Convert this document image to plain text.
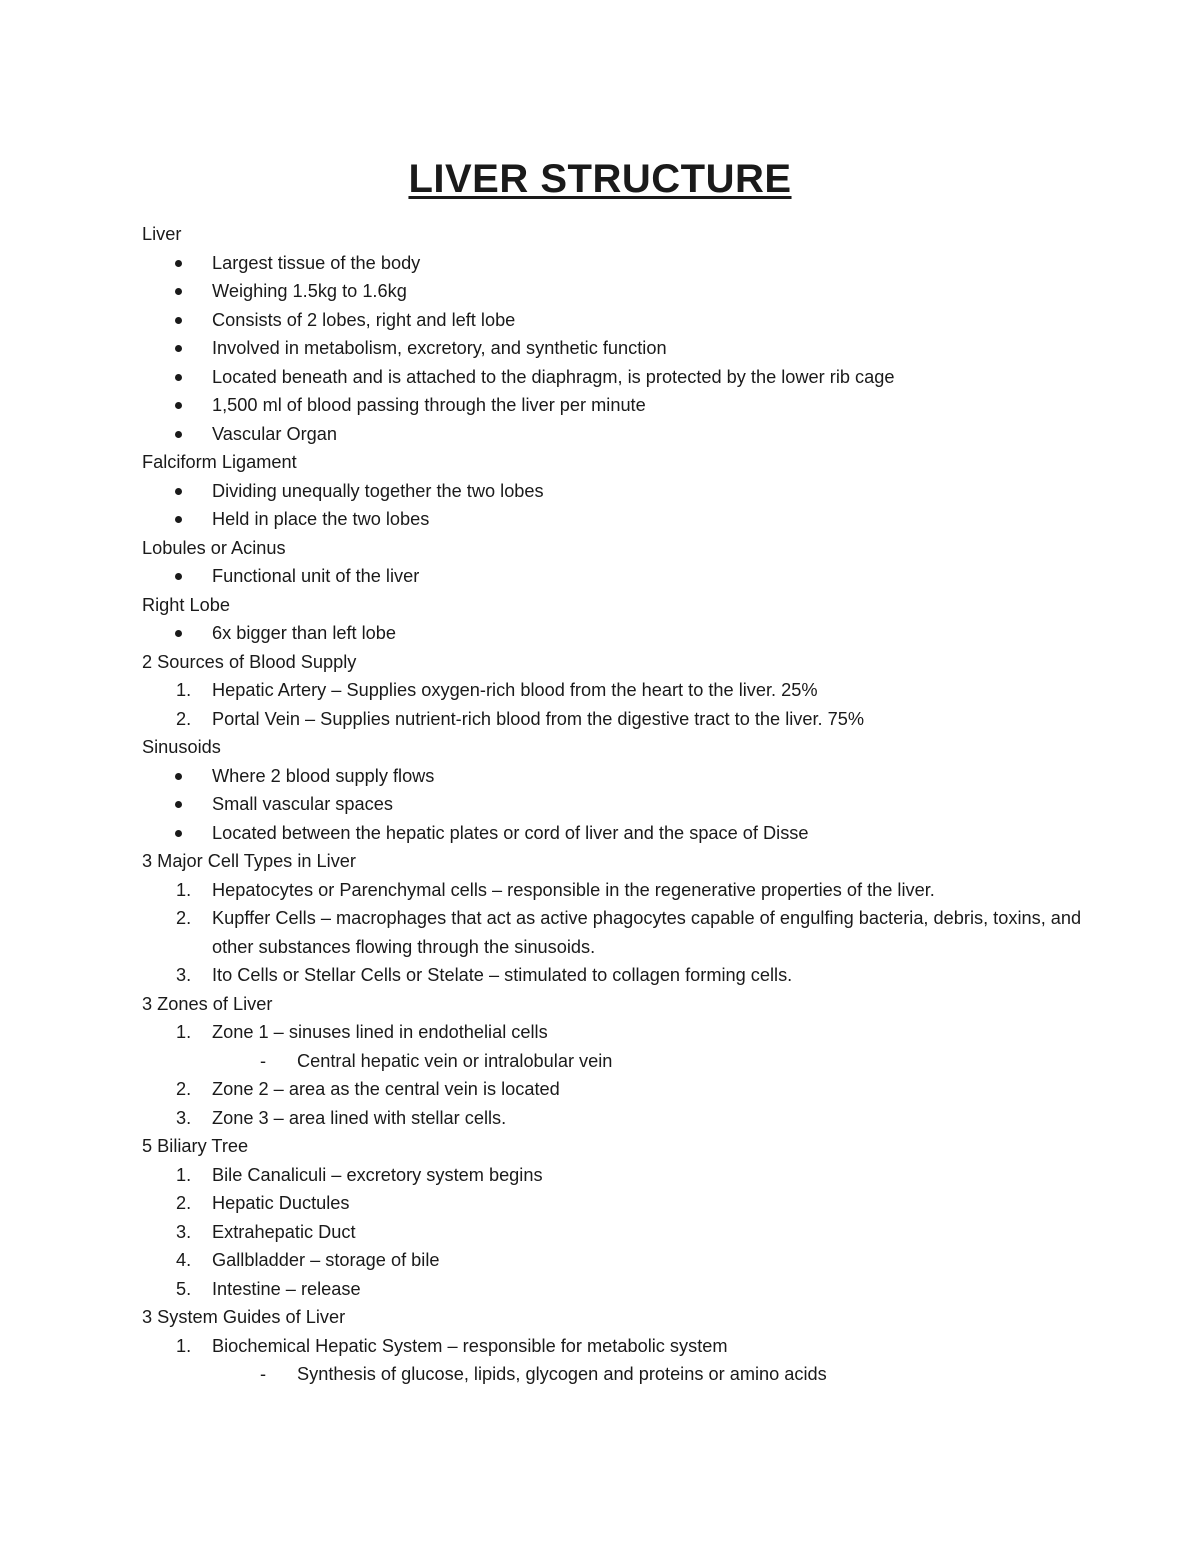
LIVER STRUCTURE
Liver
Largest tissue of the body
Weighing 1.5kg to 1.6kg
Consists of 2 lobes, right and left lobe
Involved in metabolism, excretory, and synthetic function
Located beneath and is attached to the diaphragm, is protected by the lower rib cage
1,500 ml of blood passing through the liver per minute
Vascular Organ
Falciform Ligament
Dividing unequally together the two lobes
Held in place the two lobes
Lobules or Acinus
Functional unit of the liver
Right Lobe
6x bigger than left lobe
2 Sources of Blood Supply
1. Hepatic Artery – Supplies oxygen-rich blood from the heart to the liver. 25%
2. Portal Vein – Supplies nutrient-rich blood from the digestive tract to the liver. 75%
Sinusoids
Where 2 blood supply flows
Small vascular spaces
Located between the hepatic plates or cord of liver and the space of Disse
3 Major Cell Types in Liver
1. Hepatocytes or Parenchymal cells – responsible in the regenerative properties of the liver.
2. Kupffer Cells – macrophages that act as active phagocytes capable of engulfing bacteria, debris, toxins, and other substances flowing through the sinusoids.
3. Ito Cells or Stellar Cells or Stelate – stimulated to collagen forming cells.
3 Zones of Liver
1. Zone 1 – sinuses lined in endothelial cells
- Central hepatic vein or intralobular vein
2. Zone 2 – area as the central vein is located
3. Zone 3 – area lined with stellar cells.
5 Biliary Tree
1. Bile Canaliculi – excretory system begins
2. Hepatic Ductules
3. Extrahepatic Duct
4. Gallbladder – storage of bile
5. Intestine – release
3 System Guides of Liver
1. Biochemical Hepatic System – responsible for metabolic system
- Synthesis of glucose, lipids, glycogen and proteins or amino acids
